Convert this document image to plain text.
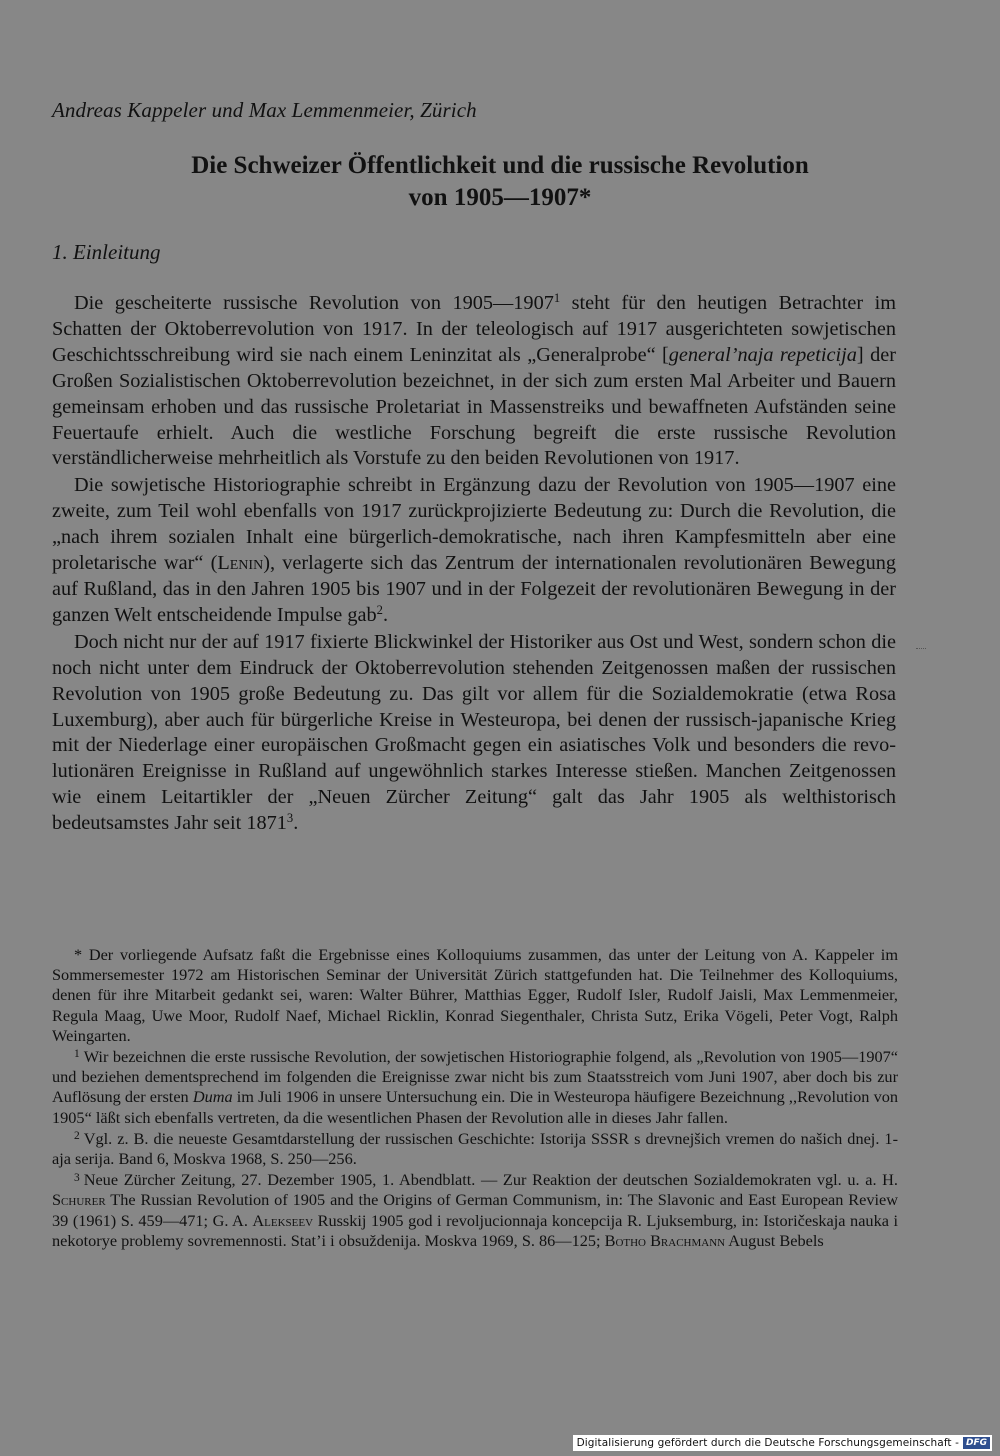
Andreas Kappeler und Max Lemmenmeier, Zürich
Die Schweizer Öffentlichkeit und die russische Revolution
von 1905—1907*
1. Einleitung

Die gescheiterte russische Revolution von 1905—1907$^1$ steht für den heutigen Betrachter im Schatten der Oktoberrevolution von 1917. In der teleologisch auf 1917 ausgerichteten sowjetischen Geschichtsschreibung wird sie nach einem Leninzitat als „Generalprobe“ [general’naja repeticija] der Großen Sozialistischen Oktoberrevolution bezeichnet, in der sich zum ersten Mal Arbeiter und Bauern gemeinsam erhoben und das russische Proletariat in Massenstreiks und bewaffneten Aufständen seine Feuertaufe erhielt. Auch die westliche Forschung begreift die erste russische Revolution verständlicherweise mehrheitlich als Vorstufe zu den beiden Revolutionen von 1917.

Die sowjetische Historiographie schreibt in Ergänzung dazu der Revolution von 1905—1907 eine zweite, zum Teil wohl ebenfalls von 1917 zurückprojizierte Bedeutung zu: Durch die Revolution, die „nach ihrem sozialen Inhalt eine bürgerlich-demokratische, nach ihren Kampfesmitteln aber eine proletarische war“ (Lenin), verlagerte sich das Zentrum der internationalen revolutionären Bewegung auf Rußland, das in den Jahren 1905 bis 1907 und in der Folgezeit der revolutionären Bewegung in der ganzen Welt entscheidende Impulse gab$^2$.

Doch nicht nur der auf 1917 fixierte Blickwinkel der Historiker aus Ost und West, sondern schon die noch nicht unter dem Eindruck der Oktoberrevolution stehenden Zeitgenossen maßen der russischen Revolution von 1905 große Bedeutung zu. Das gilt vor allem für die Sozialdemokratie (etwa Rosa Luxemburg), aber auch für bürgerliche Kreise in Westeuropa, bei denen der russisch-japanische Krieg mit der Niederlage einer europäischen Großmacht gegen ein asiatisches Volk und besonders die revolutionären Ereignisse in Rußland auf ungewöhnlich starkes Interesse stießen. Manchen Zeitgenossen wie einem Leitartikler der „Neuen Zürcher Zeitung“ galt das Jahr 1905 als welthistorisch bedeutsamstes Jahr seit 1871$^3$.

* Der vorliegende Aufsatz faßt die Ergebnisse eines Kolloquiums zusammen, das unter der Leitung von A. Kappeler im Sommersemester 1972 am Historischen Seminar der Universität Zürich stattgefunden hat. Die Teilnehmer des Kolloquiums, denen für ihre Mitarbeit gedankt sei, waren: Walter Bührer, Matthias Egger, Rudolf Isler, Rudolf Jaisli, Max Lemmenmeier, Regula Maag, Uwe Moor, Rudolf Naef, Michael Ricklin, Konrad Siegenthaler, Christa Sutz, Erika Vögeli, Peter Vogt, Ralph Weingarten.

$^1$ Wir bezeichnen die erste russische Revolution, der sowjetischen Historiographie folgend, als „Revolution von 1905—1907“ und beziehen dementsprechend im folgenden die Ereignisse zwar nicht bis zum Staatsstreich vom Juni 1907, aber doch bis zur Auflösung der ersten Duma im Juli 1906 in unsere Untersuchung ein. Die in Westeuropa häufigere Bezeichnung ,,Revolution von 1905“ läßt sich ebenfalls vertreten, da die wesentlichen Phasen der Revolution alle in dieses Jahr fallen.

$^2$ Vgl. z. B. die neueste Gesamtdarstellung der russischen Geschichte: Istorija SSSR s drevnejšich vremen do našich dnej. 1-aja serija. Band 6, Moskva 1968, S. 250—256.

$^3$ Neue Zürcher Zeitung, 27. Dezember 1905, 1. Abendblatt. — Zur Reaktion der deutschen Sozialdemokraten vgl. u. a. H. Schurer The Russian Revolution of 1905 and the Origins of German Communism, in: The Slavonic and East European Review 39 (1961) S. 459—471; G. A. Alekseev Russkij 1905 god i revoljucionnaja koncepcija R. Ljuksemburg, in: Istoričeskaja nauka i nekotorye problemy sovremennosti. Stat’i i obsuždenija. Moskva 1969, S. 86—125; Botho Brachmann August Bebels

Digitalisierung gefördert durch die Deutsche Forschungsgemeinschaft - DFG
